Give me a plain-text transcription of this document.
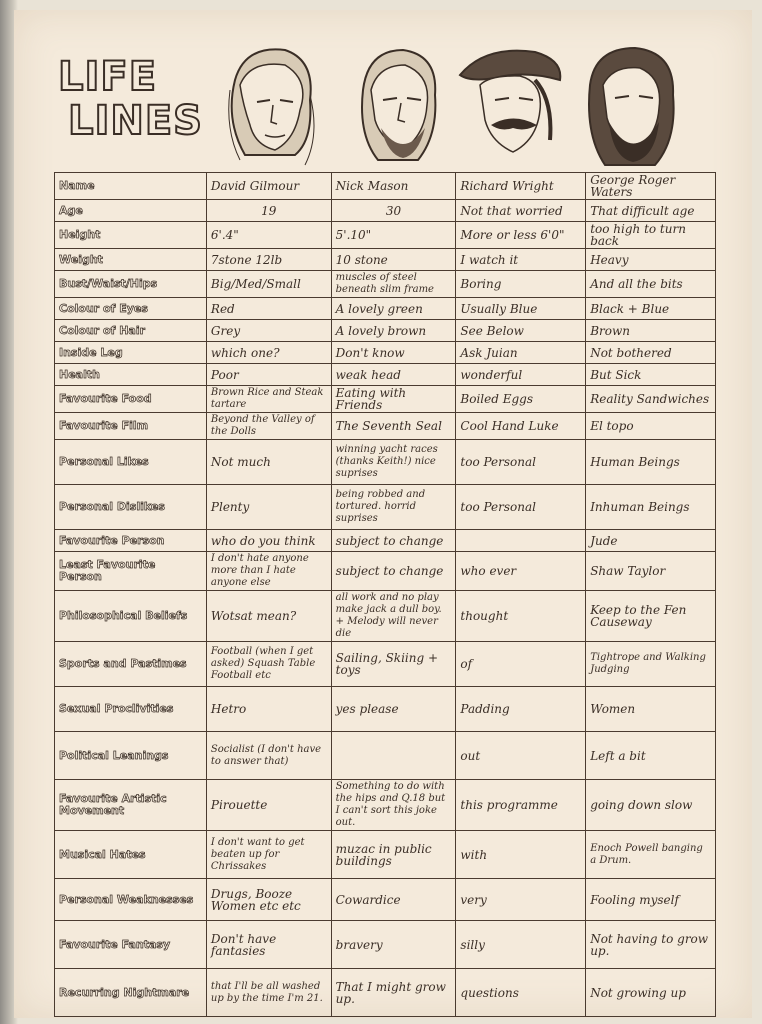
LIFE
LINES
Name	David Gilmour	Nick Mason	Richard Wright	George Roger Waters
Age	19	30	Not that worried	That difficult age
Height	6'.4"	5'.10"	More or less 6'0"	too high to turn back
Weight	7stone 12lb	10 stone	I watch it	Heavy
Bust/Waist/Hips	Big/Med/Small	muscles of steel beneath slim frame	Boring	And all the bits
Colour of Eyes	Red	A lovely green	Usually Blue	Black + Blue
Colour of Hair	Grey	A lovely brown	See Below	Brown
Inside Leg	which one?	Don't know	Ask Juian	Not bothered
Health	Poor	weak head	wonderful	But Sick
Favourite Food	Brown Rice and Steak tartare	Eating with Friends	Boiled Eggs	Reality Sandwiches
Favourite Film	Beyond the Valley of the Dolls	The Seventh Seal	Cool Hand Luke	El topo
Personal Likes	Not much	winning yacht races (thanks Keith!) nice suprises	too Personal	Human Beings
Personal Dislikes	Plenty	being robbed and tortured. horrid suprises	too Personal	Inhuman Beings
Favourite Person	who do you think	subject to change		Jude
Least Favourite Person	I don't hate anyone more than I hate anyone else	subject to change	who ever	Shaw Taylor
Philosophical Beliefs	Wotsat mean?	all work and no play make jack a dull boy. + Melody will never die	thought	Keep to the Fen Causeway
Sports and Pastimes	Football (when I get asked) Squash Table Football etc	Sailing, Skiing + toys	of	Tightrope and Walking Judging
Sexual Proclivities	Hetro	yes please	Padding	Women
Political Leanings	Socialist (I don't have to answer that)		out	Left a bit
Favourite Artistic Movement	Pirouette	Something to do with the hips and Q.18 but I can't sort this joke out.	this programme	going down slow
Musical Hates	I don't want to get beaten up for Chrissakes	muzac in public buildings	with	Enoch Powell banging a Drum.
Personal Weaknesses	Drugs, Booze Women etc etc	Cowardice	very	Fooling myself
Favourite Fantasy	Don't have fantasies	bravery	silly	Not having to grow up.
Recurring Nightmare	that I'll be all washed up by the time I'm 21.	That I might grow up.	questions	Not growing up
